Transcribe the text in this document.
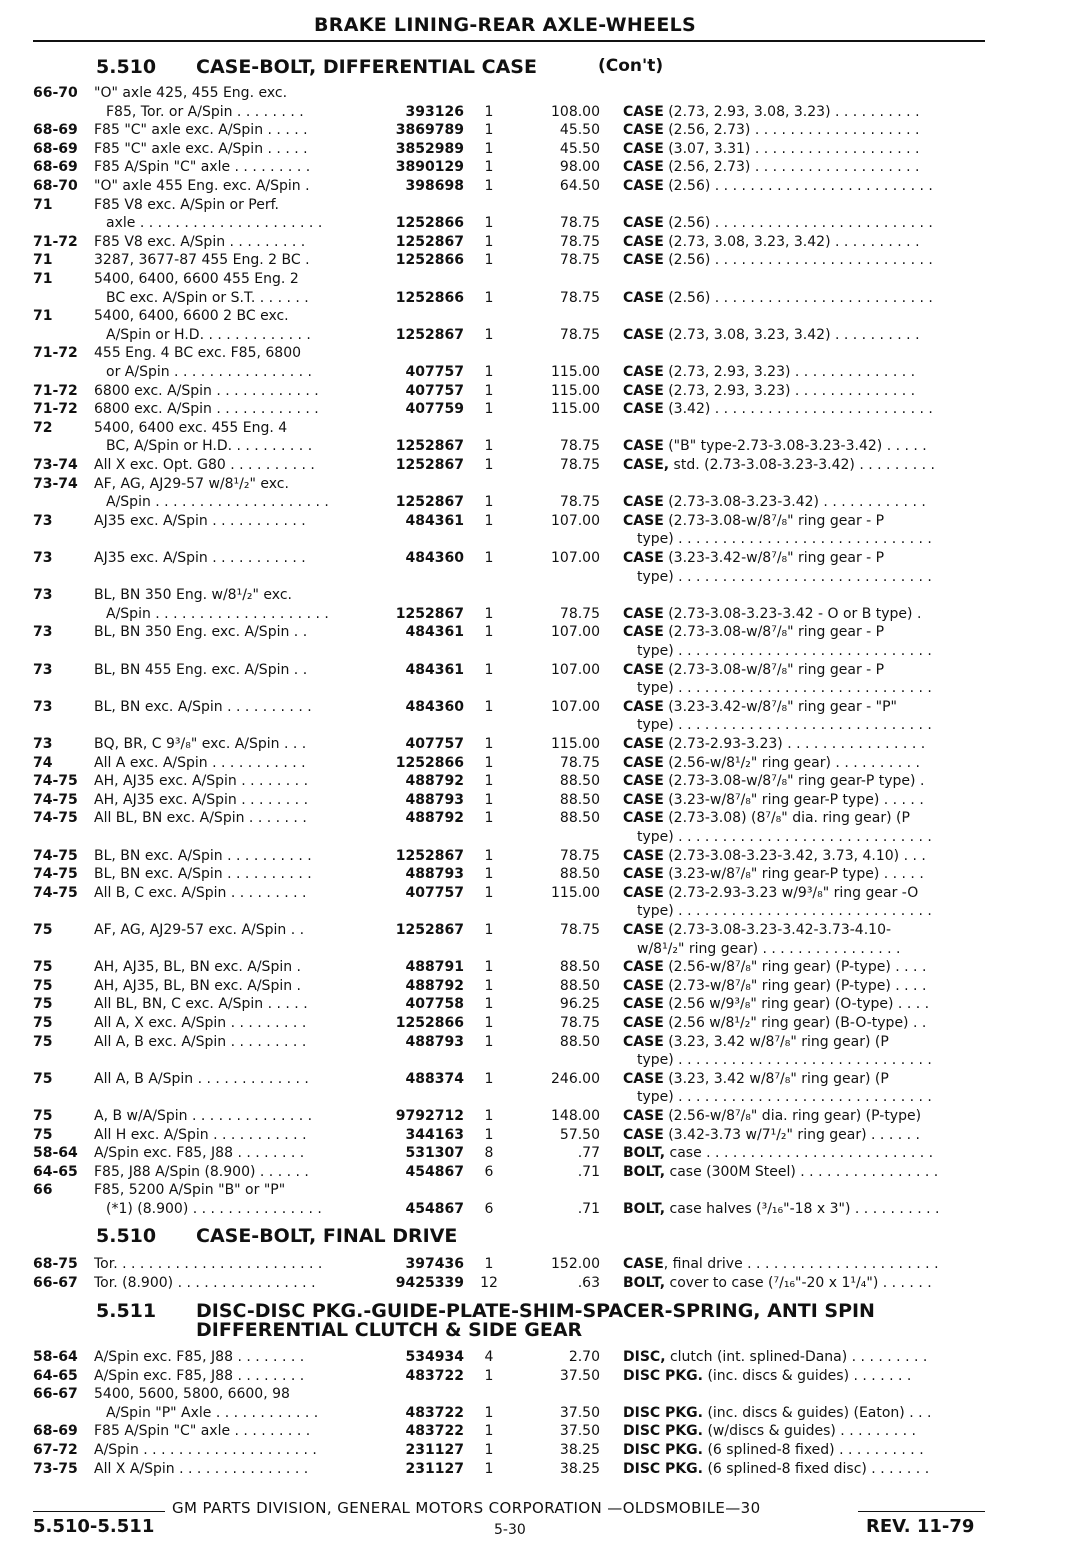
BRAKE LINING-REAR AXLE-WHEELS
5.510 CASE-BOLT, DIFFERENTIAL CASE	(Con't)
66-70 "O" axle 425, 455 Eng. exc.
F85, Tor. or A/Spin . . . . . . . .	393126	1	108.00 CASE (2.73, 2.93, 3.08, 3.23) . . . . . . . . . .
68-69 F85 "C" axle exc. A/Spin . . . . .	3869789	1	45.50 CASE (2.56, 2.73) . . . . . . . . . . . . . . . . . . .
68-69 F85 "C" axle exc. A/Spin . . . . .	3852989	1	45.50 CASE (3.07, 3.31) . . . . . . . . . . . . . . . . . . .
68-69 F85 A/Spin "C" axle . . . . . . . . .	3890129	1	98.00 CASE (2.56, 2.73) . . . . . . . . . . . . . . . . . . .
68-70 "O" axle 455 Eng. exc. A/Spin .	398698	1	64.50 CASE (2.56) . . . . . . . . . . . . . . . . . . . . . . . . .
71	F85 V8 exc. A/Spin or Perf.
axle . . . . . . . . . . . . . . . . . . . . .	1252866	1	78.75 CASE (2.56) . . . . . . . . . . . . . . . . . . . . . . . . .
71-72 F85 V8 exc. A/Spin . . . . . . . . .	1252867	1	78.75 CASE (2.73, 3.08, 3.23, 3.42) . . . . . . . . . .
71	3287, 3677-87 455 Eng. 2 BC .	1252866	1	78.75 CASE (2.56) . . . . . . . . . . . . . . . . . . . . . . . . .
71	5400, 6400, 6600 455 Eng. 2
BC exc. A/Spin or S.T. . . . . . .	1252866	1	78.75 CASE (2.56) . . . . . . . . . . . . . . . . . . . . . . . . .
71	5400, 6400, 6600 2 BC exc.
A/Spin or H.D. . . . . . . . . . . . .	1252867	1	78.75 CASE (2.73, 3.08, 3.23, 3.42) . . . . . . . . . .
71-72 455 Eng. 4 BC exc. F85, 6800
or A/Spin . . . . . . . . . . . . . . . .	407757	1	115.00 CASE (2.73, 2.93, 3.23) . . . . . . . . . . . . . .
71-72 6800 exc. A/Spin . . . . . . . . . . . .	407757	1	115.00 CASE (2.73, 2.93, 3.23) . . . . . . . . . . . . . .
71-72 6800 exc. A/Spin . . . . . . . . . . . .	407759	1	115.00 CASE (3.42) . . . . . . . . . . . . . . . . . . . . . . . . .
72	5400, 6400 exc. 455 Eng. 4
BC, A/Spin or H.D. . . . . . . . . .	1252867	1	78.75 CASE ("B" type-2.73-3.08-3.23-3.42) . . . . .
73-74 All X exc. Opt. G80 . . . . . . . . . .	1252867	1	78.75 CASE, std. (2.73-3.08-3.23-3.42) . . . . . . . . .
73-74 AF, AG, AJ29-57 w/8¹/₂" exc.
A/Spin . . . . . . . . . . . . . . . . . . . .	1252867	1	78.75 CASE (2.73-3.08-3.23-3.42) . . . . . . . . . . . .
73	AJ35 exc. A/Spin . . . . . . . . . . .	484361	1	107.00 CASE (2.73-3.08-w/8⁷/₈" ring gear - P
type) . . . . . . . . . . . . . . . . . . . . . . . . . . . . .
73	AJ35 exc. A/Spin . . . . . . . . . . .	484360	1	107.00 CASE (3.23-3.42-w/8⁷/₈" ring gear - P
type) . . . . . . . . . . . . . . . . . . . . . . . . . . . . .
73	BL, BN 350 Eng. w/8¹/₂" exc.
A/Spin . . . . . . . . . . . . . . . . . . . .	1252867	1	78.75 CASE (2.73-3.08-3.23-3.42 - O or B type) .
73	BL, BN 350 Eng. exc. A/Spin . .	484361	1	107.00 CASE (2.73-3.08-w/8⁷/₈" ring gear - P
type) . . . . . . . . . . . . . . . . . . . . . . . . . . . . .
73	BL, BN 455 Eng. exc. A/Spin . .	484361	1	107.00 CASE (2.73-3.08-w/8⁷/₈" ring gear - P
type) . . . . . . . . . . . . . . . . . . . . . . . . . . . . .
73	BL, BN exc. A/Spin . . . . . . . . . .	484360	1	107.00 CASE (3.23-3.42-w/8⁷/₈" ring gear - "P"
type) . . . . . . . . . . . . . . . . . . . . . . . . . . . . .
73	BQ, BR, C 9³/₈" exc. A/Spin . . .	407757	1	115.00 CASE (2.73-2.93-3.23) . . . . . . . . . . . . . . . .
74	All A exc. A/Spin . . . . . . . . . . .	1252866	1	78.75 CASE (2.56-w/8¹/₂" ring gear) . . . . . . . . . .
74-75 AH, AJ35 exc. A/Spin . . . . . . . .	488792	1	88.50 CASE (2.73-3.08-w/8⁷/₈" ring gear-P type) .
74-75 AH, AJ35 exc. A/Spin . . . . . . . .	488793	1	88.50 CASE (3.23-w/8⁷/₈" ring gear-P type) . . . . .
74-75 All BL, BN exc. A/Spin . . . . . . .	488792	1	88.50 CASE (2.73-3.08) (8⁷/₈" dia. ring gear) (P
type) . . . . . . . . . . . . . . . . . . . . . . . . . . . . .
74-75 BL, BN exc. A/Spin . . . . . . . . . .	1252867	1	78.75 CASE (2.73-3.08-3.23-3.42, 3.73, 4.10) . . .
74-75 BL, BN exc. A/Spin . . . . . . . . . .	488793	1	88.50 CASE (3.23-w/8⁷/₈" ring gear-P type) . . . . .
74-75 All B, C exc. A/Spin . . . . . . . . .	407757	1	115.00 CASE (2.73-2.93-3.23 w/9³/₈" ring gear -O
type) . . . . . . . . . . . . . . . . . . . . . . . . . . . . .
75	AF, AG, AJ29-57 exc. A/Spin . .	1252867	1	78.75 CASE (2.73-3.08-3.23-3.42-3.73-4.10-
w/8¹/₂" ring gear) . . . . . . . . . . . . . . . .
75	AH, AJ35, BL, BN exc. A/Spin .	488791	1	88.50 CASE (2.56-w/8⁷/₈" ring gear) (P-type) . . . .
75	AH, AJ35, BL, BN exc. A/Spin .	488792	1	88.50 CASE (2.73-w/8⁷/₈" ring gear) (P-type) . . . .
75	All BL, BN, C exc. A/Spin . . . . .	407758	1	96.25 CASE (2.56 w/9³/₈" ring gear) (O-type) . . . .
75	All A, X exc. A/Spin . . . . . . . . .	1252866	1	78.75 CASE (2.56 w/8¹/₂" ring gear) (B-O-type) . .
75	All A, B exc. A/Spin . . . . . . . . .	488793	1	88.50 CASE (3.23, 3.42 w/8⁷/₈" ring gear) (P
type) . . . . . . . . . . . . . . . . . . . . . . . . . . . . .
75	All A, B A/Spin . . . . . . . . . . . . .	488374	1	246.00 CASE (3.23, 3.42 w/8⁷/₈" ring gear) (P
type) . . . . . . . . . . . . . . . . . . . . . . . . . . . . .
75	A, B w/A/Spin . . . . . . . . . . . . . .	9792712	1	148.00 CASE (2.56-w/8⁷/₈" dia. ring gear) (P-type)
75	All H exc. A/Spin . . . . . . . . . . .	344163	1	57.50 CASE (3.42-3.73 w/7¹/₂" ring gear) . . . . . .
58-64 A/Spin exc. F85, J88 . . . . . . . .	531307	8	.77 BOLT, case . . . . . . . . . . . . . . . . . . . . . . . . . .
64-65 F85, J88 A/Spin (8.900) . . . . . .	454867	6	.71 BOLT, case (300M Steel) . . . . . . . . . . . . . . . .
66	F85, 5200 A/Spin "B" or "P"
(*1) (8.900) . . . . . . . . . . . . . . .	454867	6	.71 BOLT, case halves (³/₁₆"-18 x 3") . . . . . . . . . .
5.510 CASE-BOLT, FINAL DRIVE
68-75 Tor. . . . . . . . . . . . . . . . . . . . . . . .	397436	1	152.00 CASE, final drive . . . . . . . . . . . . . . . . . . . . . .
66-67 Tor. (8.900) . . . . . . . . . . . . . . . .	9425339 12	.63 BOLT, cover to case (⁷/₁₆"-20 x 1¹/₄") . . . . . .
5.511 DISC-DISC PKG.-GUIDE-PLATE-SHIM-SPACER-SPRING, ANTI SPIN
DIFFERENTIAL CLUTCH & SIDE GEAR
58-64 A/Spin exc. F85, J88 . . . . . . . .	534934	4	2.70 DISC, clutch (int. splined-Dana) . . . . . . . . .
64-65 A/Spin exc. F85, J88 . . . . . . . .	483722	1	37.50 DISC PKG. (inc. discs & guides) . . . . . . .
66-67 5400, 5600, 5800, 6600, 98
A/Spin "P" Axle . . . . . . . . . . . .	483722	1	37.50 DISC PKG. (inc. discs & guides) (Eaton) . . .
68-69 F85 A/Spin "C" axle . . . . . . . . .	483722	1	37.50 DISC PKG. (w/discs & guides) . . . . . . . . .
67-72 A/Spin . . . . . . . . . . . . . . . . . . . .	231127	1	38.25 DISC PKG. (6 splined-8 fixed) . . . . . . . . . .
73-75 All X A/Spin . . . . . . . . . . . . . . .	231127	1	38.25 DISC PKG. (6 splined-8 fixed disc) . . . . . . .
GM PARTS DIVISION, GENERAL MOTORS CORPORATION —OLDSMOBILE—30
5.510-5.511	5-30	REV. 11-79
